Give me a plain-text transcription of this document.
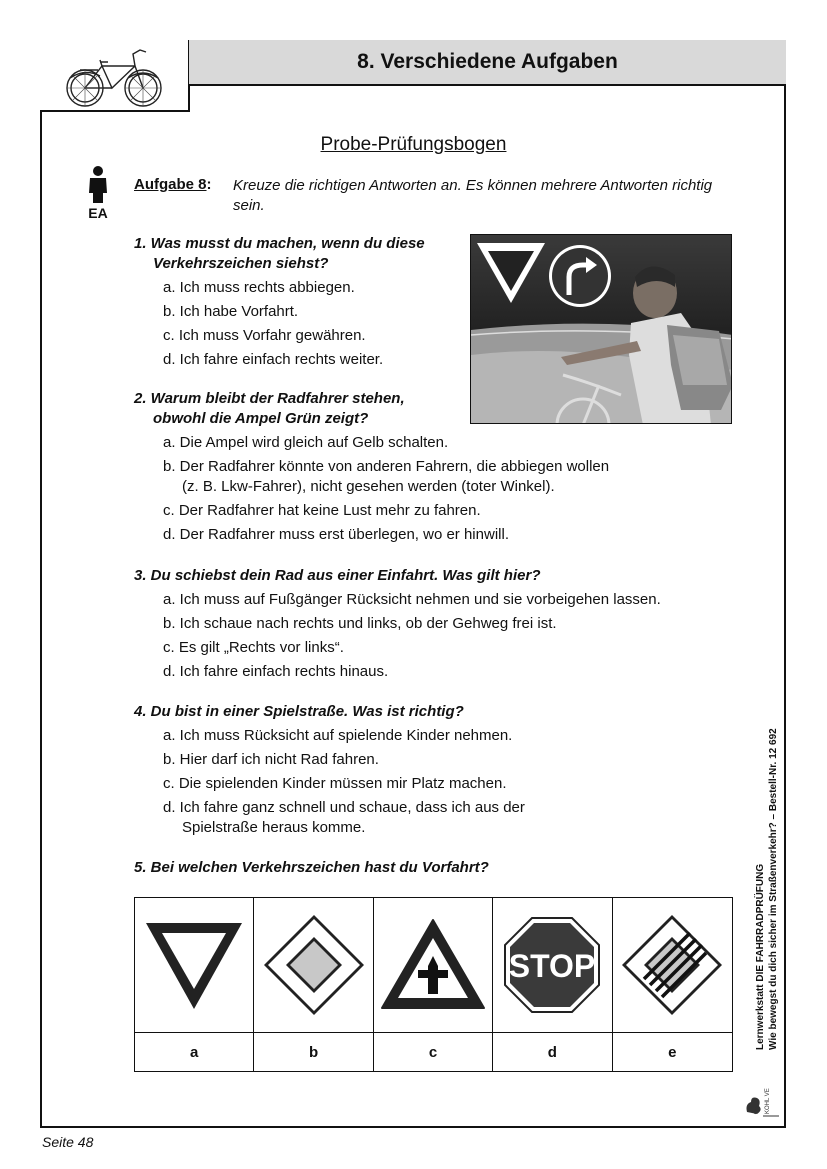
8. Verschiedene Aufgaben
Probe-Prüfungsbogen
EA
Aufgabe 8: Kreuze die richtigen Antworten an. Es können mehrere Antworten richtig sein.
1. Was musst du machen, wenn du diese
Verkehrszeichen siehst?
a. Ich muss rechts abbiegen.
b. Ich habe Vorfahrt.
c. Ich muss Vorfahr gewähren.
d. Ich fahre einfach rechts weiter.
2. Warum bleibt der Radfahrer stehen,
obwohl die Ampel Grün zeigt?
a. Die Ampel wird gleich auf Gelb schalten.
b. Der Radfahrer könnte von anderen Fahrern, die abbiegen wollen
(z. B. Lkw-Fahrer), nicht gesehen werden (toter Winkel).
c. Der Radfahrer hat keine Lust mehr zu fahren.
d. Der Radfahrer muss erst überlegen, wo er hinwill.
3. Du schiebst dein Rad aus einer Einfahrt. Was gilt hier?
a. Ich muss auf Fußgänger Rücksicht nehmen und sie vorbeigehen lassen.
b. Ich schaue nach rechts und links, ob der Gehweg frei ist.
c. Es gilt „Rechts vor links“.
d. Ich fahre einfach rechts hinaus.
4. Du bist in einer Spielstraße. Was ist richtig?
a. Ich muss Rücksicht auf spielende Kinder nehmen.
b. Hier darf ich nicht Rad fahren.
c. Die spielenden Kinder müssen mir Platz machen.
d. Ich fahre ganz schnell und schaue, dass ich aus der
Spielstraße heraus komme.
5. Bei welchen Verkehrszeichen hast du Vorfahrt?
STOP
a	b	c	d	e
Lernwerkstatt DIE FAHRRADPRÜFUNG Wie bewegst du dich sicher im Straßenverkehr? – Bestell-Nr. 12 692
KOHL VERLAG
Seite 48
